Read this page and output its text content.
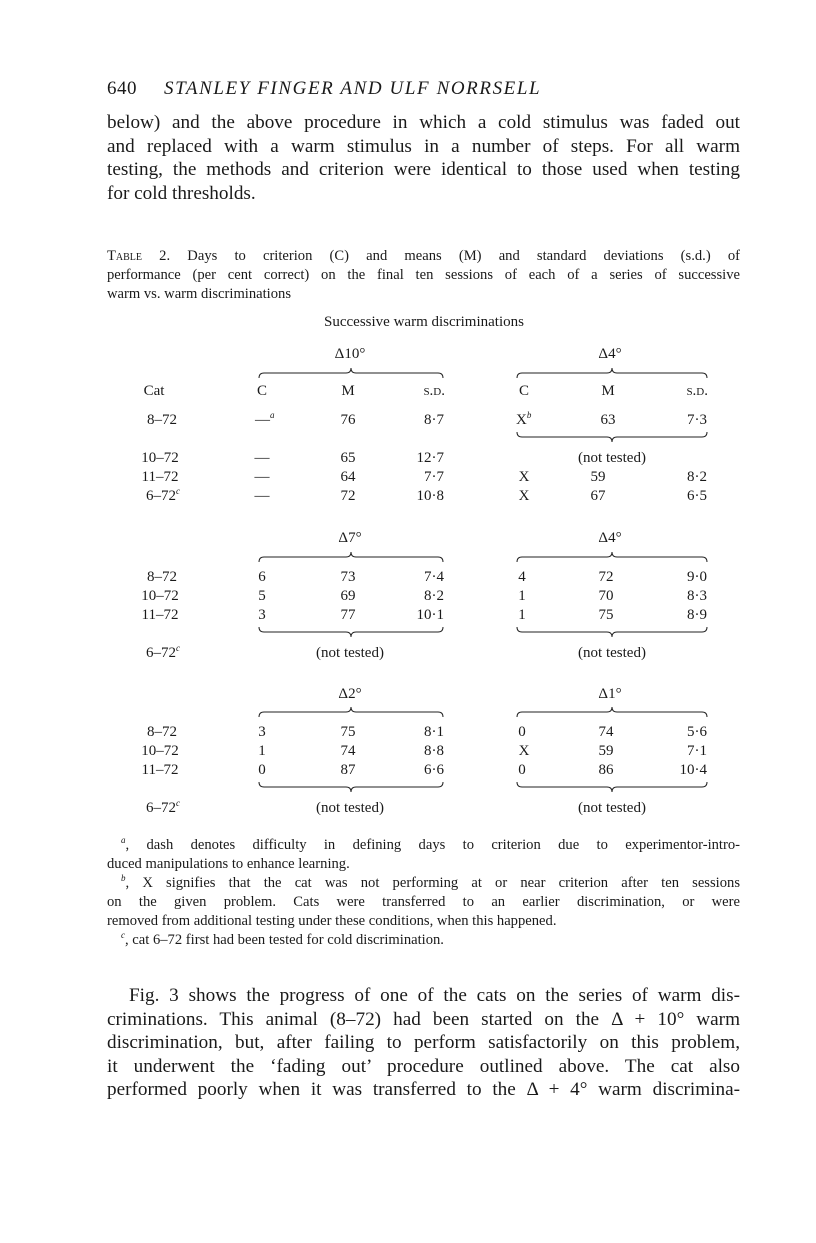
640 STANLEY FINGER AND ULF NORRSELL
below) and the above procedure in which a cold stimulus was faded out
and replaced with a warm stimulus in a number of steps. For all warm
testing, the methods and criterion were identical to those used when testing
for cold thresholds.
Table 2. Days to criterion (C) and means (M) and standard deviations (s.d.) of
performance (per cent correct) on the final ten sessions of each of a series of successive
warm vs. warm discriminations
Successive warm discriminations
Δ10°	Δ4°
Cat	C	M	s.d.	C	M	s.d.
8–72	—$^a$	76	8·7	$X^b$	63	7·3
10–72	—	65	12·7	(not tested)
11–72	—	64	7·7	X	59	8·2
6–72$^c$	—	72	10·8	X	67	6·5
Δ7°	Δ4°
8–72	6	73	7·4	4	72	9·0
10–72	5	69	8·2	1	70	8·3
11–72	3	77	10·1	1	75	8·9
6–72$^c$	(not tested)	(not tested)
Δ2°	Δ1°
8–72	3	75	8·1	0	74	5·6
10–72	1	74	8·8	X	59	7·1
11–72	0	87	6·6	0	86	10·4
6–72$^c$	(not tested)	(not tested)
$^a$, dash denotes difficulty in defining days to criterion due to experimentor-intro-
duced manipulations to enhance learning.
$^b$, X signifies that the cat was not performing at or near criterion after ten sessions
on the given problem. Cats were transferred to an earlier discrimination, or were
removed from additional testing under these conditions, when this happened.
$^c$, cat 6–72 first had been tested for cold discrimination.
Fig. 3 shows the progress of one of the cats on the series of warm dis-
criminations. This animal (8–72) had been started on the Δ + 10° warm
discrimination, but, after failing to perform satisfactorily on this problem,
it underwent the ‘fading out’ procedure outlined above. The cat also
performed poorly when it was transferred to the Δ + 4° warm discrimina-
